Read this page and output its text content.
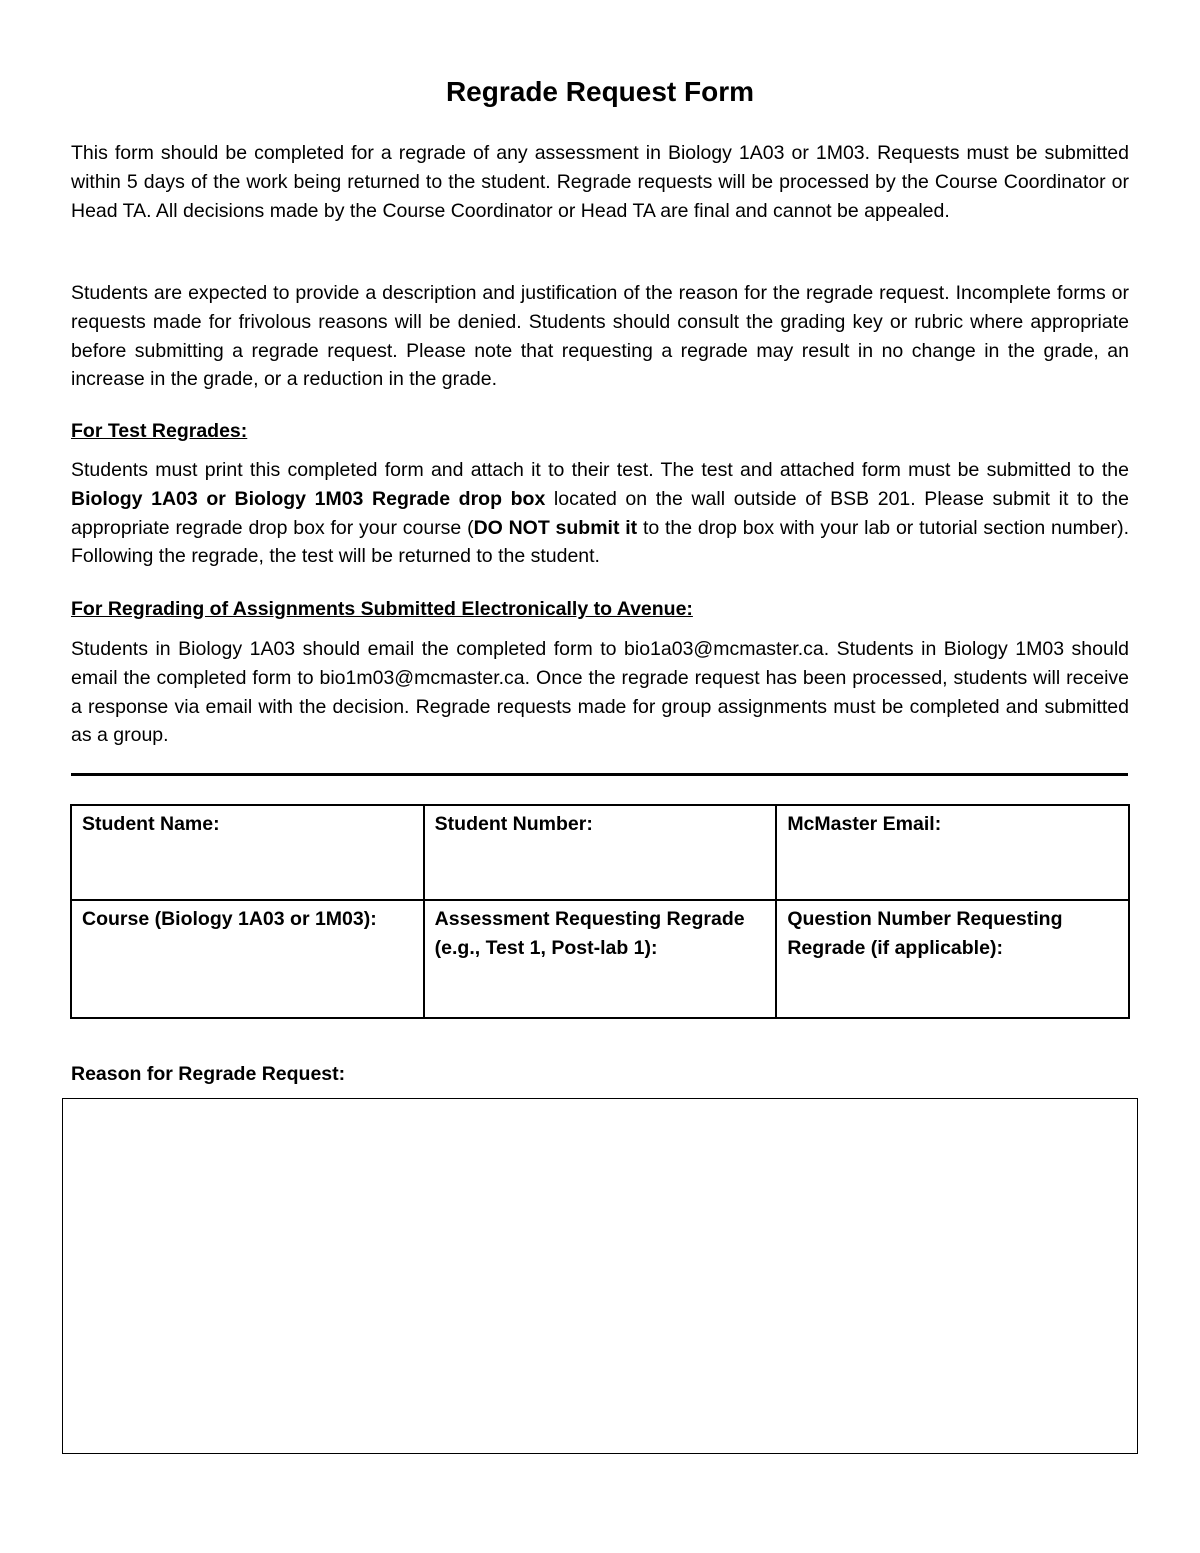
Regrade Request Form
This form should be completed for a regrade of any assessment in Biology 1A03 or 1M03. Requests must be submitted within 5 days of the work being returned to the student. Regrade requests will be processed by the Course Coordinator or Head TA. All decisions made by the Course Coordinator or Head TA are final and cannot be appealed.
Students are expected to provide a description and justification of the reason for the regrade request. Incomplete forms or requests made for frivolous reasons will be denied. Students should consult the grading key or rubric where appropriate before submitting a regrade request. Please note that requesting a regrade may result in no change in the grade, an increase in the grade, or a reduction in the grade.
For Test Regrades:
Students must print this completed form and attach it to their test. The test and attached form must be submitted to the Biology 1A03 or Biology 1M03 Regrade drop box located on the wall outside of BSB 201. Please submit it to the appropriate regrade drop box for your course (DO NOT submit it to the drop box with your lab or tutorial section number). Following the regrade, the test will be returned to the student.
For Regrading of Assignments Submitted Electronically to Avenue:
Students in Biology 1A03 should email the completed form to bio1a03@mcmaster.ca. Students in Biology 1M03 should email the completed form to bio1m03@mcmaster.ca. Once the regrade request has been processed, students will receive a response via email with the decision. Regrade requests made for group assignments must be completed and submitted as a group.
Student Name:	Student Number:	McMaster Email:
Course (Biology 1A03 or 1M03):	Assessment Requesting Regrade (e.g., Test 1, Post-lab 1):	Question Number Requesting Regrade (if applicable):
Reason for Regrade Request:
